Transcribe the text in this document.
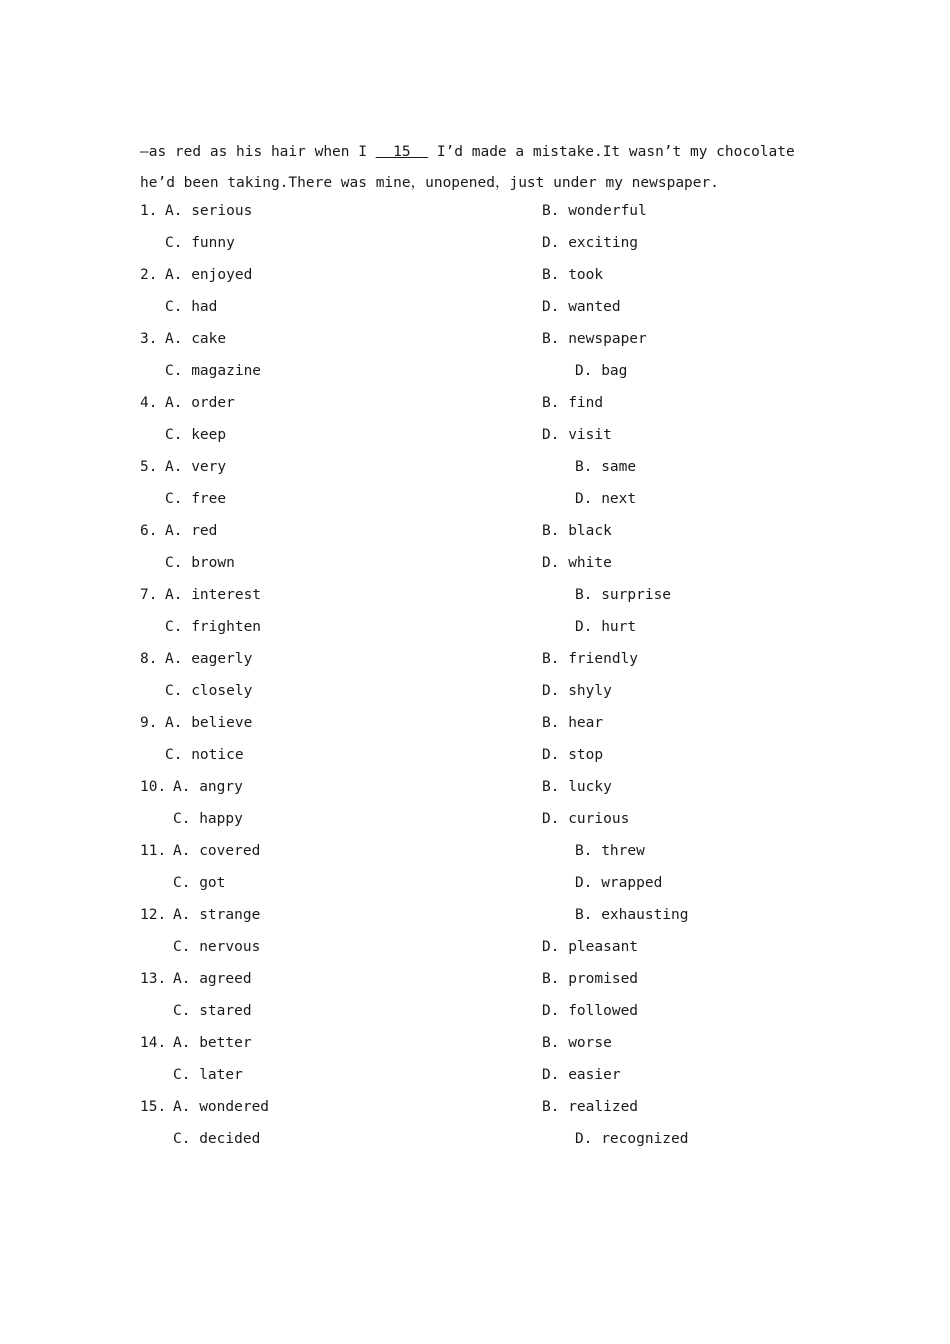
—as red as his hair when I   15   I’d made a mistake.It wasn’t my chocolate
he’d been taking.There was mine，unopened，just under my newspaper.
1. A. serious	B. wonderful
C. funny	D. exciting
2. A. enjoyed	B. took
C. had	D. wanted
3. A. cake	B. newspaper
C. magazine	D. bag
4. A. order	B. find
C. keep	D. visit
5. A. very	B. same
C. free	D. next
6. A. red	B. black
C. brown	D. white
7. A. interest	B. surprise
C. frighten	D. hurt
8. A. eagerly	B. friendly
C. closely	D. shyly
9. A. believe	B. hear
C. notice	D. stop
10. A. angry	B. lucky
C. happy	D. curious
11. A. covered	B. threw
C. got	D. wrapped
12. A. strange	B. exhausting
C. nervous	D. pleasant
13. A. agreed	B. promised
C. stared	D. followed
14. A. better	B. worse
C. later	D. easier
15. A. wondered	B. realized
C. decided	D. recognized
